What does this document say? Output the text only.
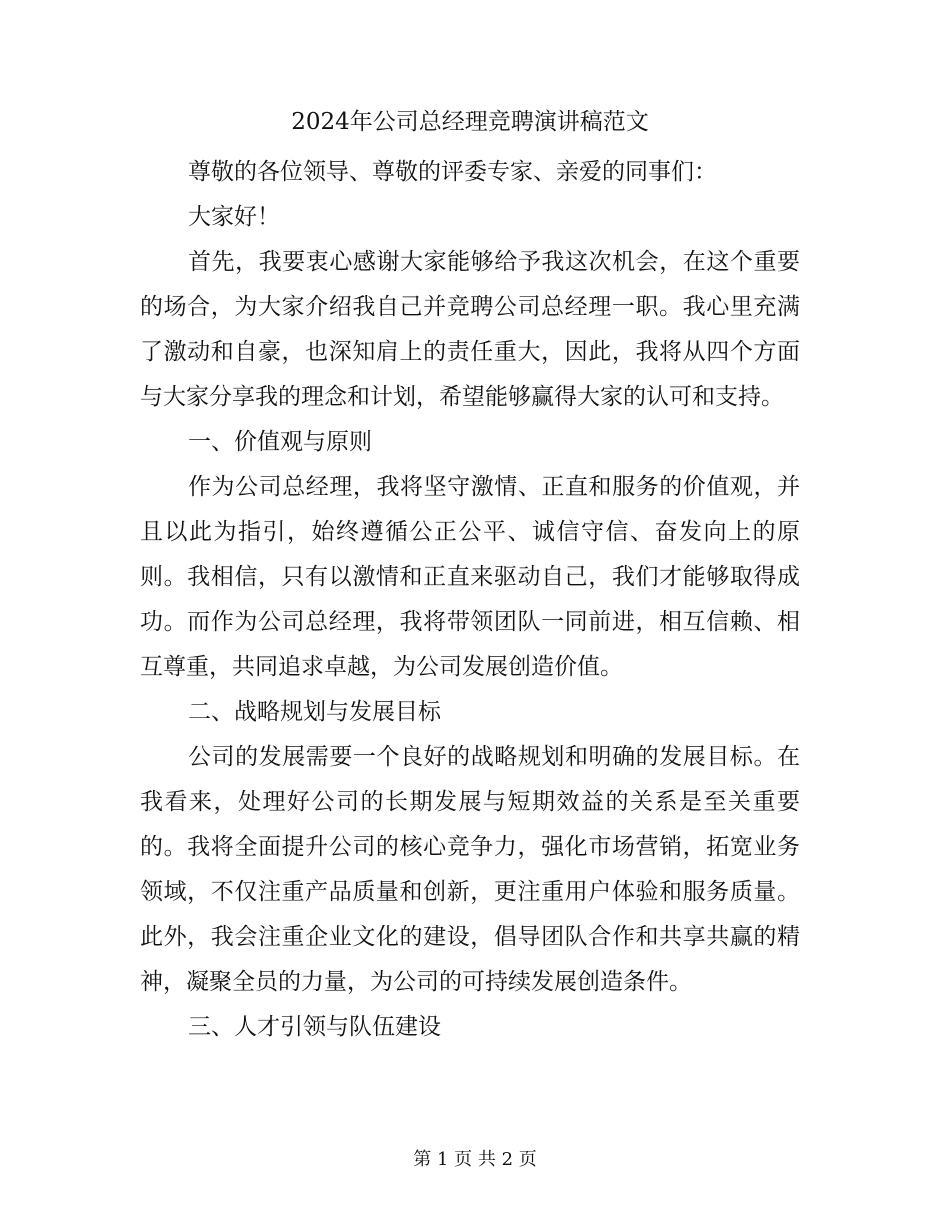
2024年公司总经理竞聘演讲稿范文

尊敬的各位领导、尊敬的评委专家、亲爱的同事们：

大家好！

首先，我要衷心感谢大家能够给予我这次机会，在这个重要的场合，为大家介绍我自己并竞聘公司总经理一职。我心里充满了激动和自豪，也深知肩上的责任重大，因此，我将从四个方面与大家分享我的理念和计划，希望能够赢得大家的认可和支持。

一、价值观与原则

作为公司总经理，我将坚守激情、正直和服务的价值观，并且以此为指引，始终遵循公正公平、诚信守信、奋发向上的原则。我相信，只有以激情和正直来驱动自己，我们才能够取得成功。而作为公司总经理，我将带领团队一同前进，相互信赖、相互尊重，共同追求卓越，为公司发展创造价值。

二、战略规划与发展目标

公司的发展需要一个良好的战略规划和明确的发展目标。在我看来，处理好公司的长期发展与短期效益的关系是至关重要的。我将全面提升公司的核心竞争力，强化市场营销，拓宽业务领域，不仅注重产品质量和创新，更注重用户体验和服务质量。此外，我会注重企业文化的建设，倡导团队合作和共享共赢的精神，凝聚全员的力量，为公司的可持续发展创造条件。

三、人才引领与队伍建设

第 1 页 共 2 页
